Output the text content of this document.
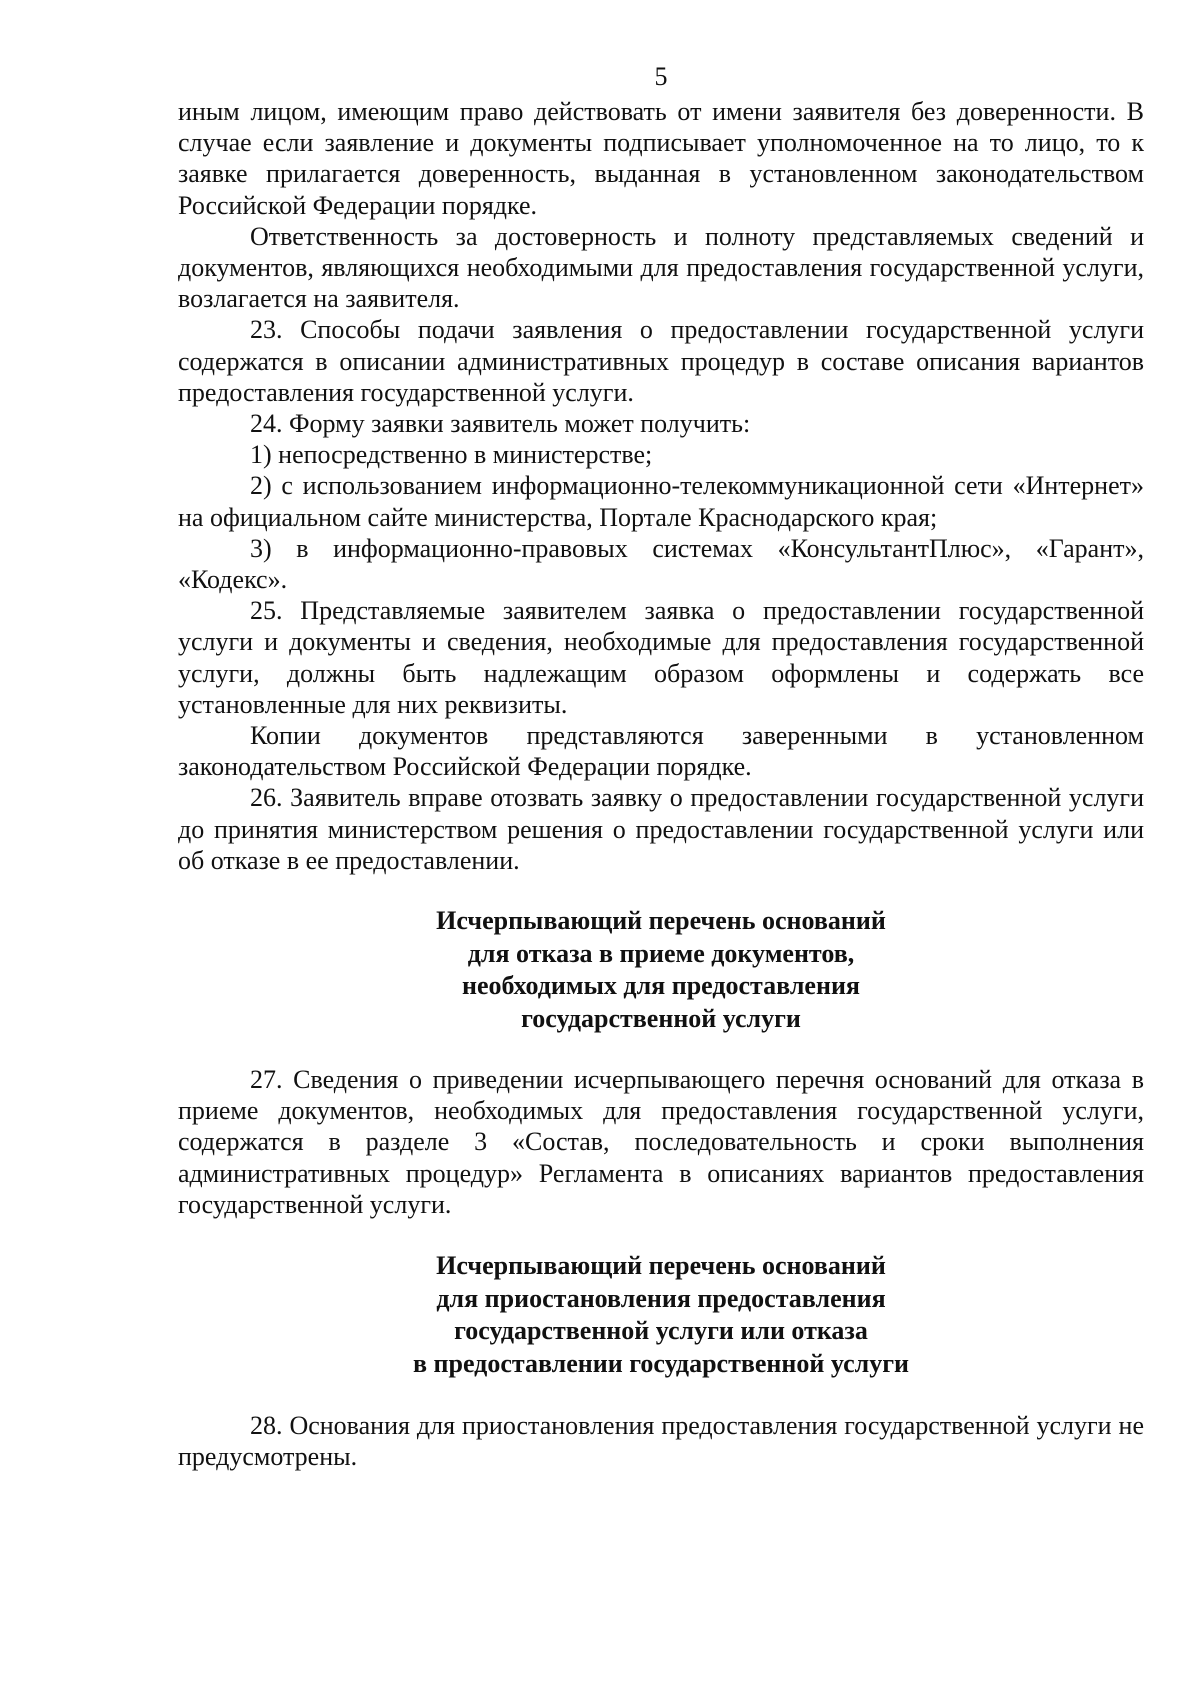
5

иным лицом, имеющим право действовать от имени заявителя без доверенности. В случае если заявление и документы подписывает уполномоченное на то лицо, то к заявке прилагается доверенность, выданная в установленном законодательством Российской Федерации порядке.

Ответственность за достоверность и полноту представляемых сведений и документов, являющихся необходимыми для предоставления государственной услуги, возлагается на заявителя.

23. Способы подачи заявления о предоставлении государственной услуги содержатся в описании административных процедур в составе описания вариантов предоставления государственной услуги.

24. Форму заявки заявитель может получить:

1) непосредственно в министерстве;

2) с использованием информационно-телекоммуникационной сети «Интернет» на официальном сайте министерства, Портале Краснодарского края;

3) в информационно-правовых системах «КонсультантПлюс», «Гарант», «Кодекс».

25. Представляемые заявителем заявка о предоставлении государственной услуги и документы и сведения, необходимые для предоставления государственной услуги, должны быть надлежащим образом оформлены и содержать все установленные для них реквизиты.

Копии документов представляются заверенными в установленном законодательством Российской Федерации порядке.

26. Заявитель вправе отозвать заявку о предоставлении государственной услуги до принятия министерством решения о предоставлении государственной услуги или об отказе в ее предоставлении.

Исчерпывающий перечень оснований

для отказа в приеме документов,

необходимых для предоставления

государственной услуги

27. Сведения о приведении исчерпывающего перечня оснований для отказа в приеме документов, необходимых для предоставления государственной услуги, содержатся в разделе 3 «Состав, последовательность и сроки выполнения административных процедур» Регламента в описаниях вариантов предоставления государственной услуги.

Исчерпывающий перечень оснований

для приостановления предоставления

государственной услуги или отказа

в предоставлении государственной услуги

28. Основания для приостановления предоставления государственной услуги не предусмотрены.
